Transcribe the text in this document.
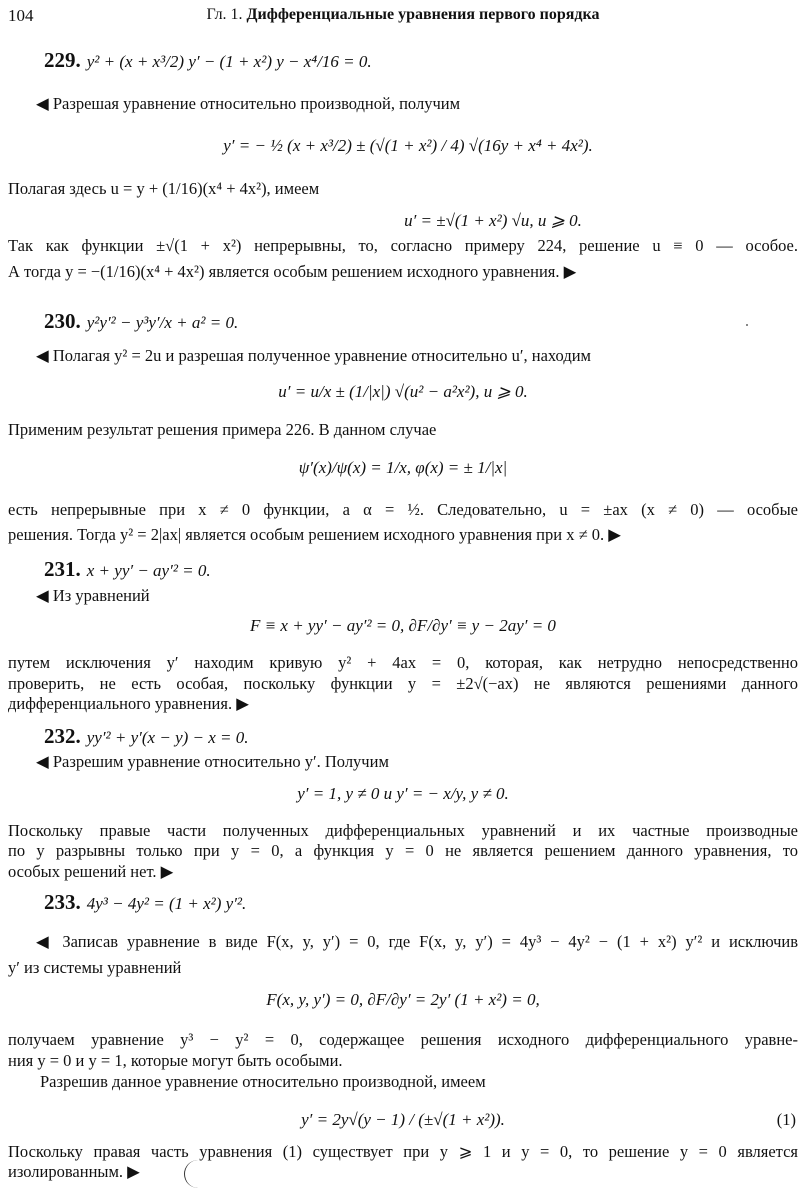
104	Гл. 1. Дифференциальные уравнения первого порядка
229. y² + (x + x³/2) y′ − (1 + x²) y − x⁴/16 = 0.
◀ Разрешая уравнение относительно производной, получим
y′ = − ½ (x + x³/2) ± (√(1 + x²) / 4) √(16y + x⁴ + 4x²).
Полагая здесь u = y + (1/16)(x⁴ + 4x²), имеем
u′ = ±√(1 + x²) √u, u ⩾ 0.
Так как функции ±√(1 + x²) непрерывны, то, согласно примеру 224, решение u ≡ 0 — особое.
А тогда y = −(1/16)(x⁴ + 4x²) является особым решением исходного уравнения. ▶
230. y²y′² − y³y′/x + a² = 0.
◀ Полагая y² = 2u и разрешая полученное уравнение относительно u′, находим
u′ = u/x ± (1/|x|) √(u² − a²x²), u ⩾ 0.
Применим результат решения примера 226. В данном случае
ψ′(x)/ψ(x) = 1/x, φ(x) = ± 1/|x|
есть непрерывные при x ≠ 0 функции, а α = ½. Следовательно, u = ±ax (x ≠ 0) — особые
решения. Тогда y² = 2|ax| является особым решением исходного уравнения при x ≠ 0. ▶
231. x + yy′ − ay′² = 0.
◀ Из уравнений
F ≡ x + yy′ − ay′² = 0, ∂F/∂y′ ≡ y − 2ay′ = 0
путем исключения y′ находим кривую y² + 4ax = 0, которая, как нетрудно непосредственно
проверить, не есть особая, поскольку функции y = ±2√(−ax) не являются решениями данного
дифференциального уравнения. ▶
232. yy′² + y′(x − y) − x = 0.
◀ Разрешим уравнение относительно y′. Получим
y′ = 1, y ≠ 0 и y′ = − x/y, y ≠ 0.
Поскольку правые части полученных дифференциальных уравнений и их частные производные
по y разрывны только при y = 0, а функция y = 0 не является решением данного уравнения, то
особых решений нет. ▶
233. 4y³ − 4y² = (1 + x²) y′².
◀ Записав уравнение в виде F(x, y, y′) = 0, где F(x, y, y′) = 4y³ − 4y² − (1 + x²) y′² и исключив
y′ из системы уравнений
F(x, y, y′) = 0, ∂F/∂y′ = 2y′ (1 + x²) = 0,
получаем уравнение y³ − y² = 0, содержащее решения исходного дифференциального уравне-
ния y = 0 и y = 1, которые могут быть особыми.
Разрешив данное уравнение относительно производной, имеем
y′ = 2y√(y − 1) / (±√(1 + x²)).	(1)
Поскольку правая часть уравнения (1) существует при y ⩾ 1 и y = 0, то решение y = 0 является
изолированным. ▶
